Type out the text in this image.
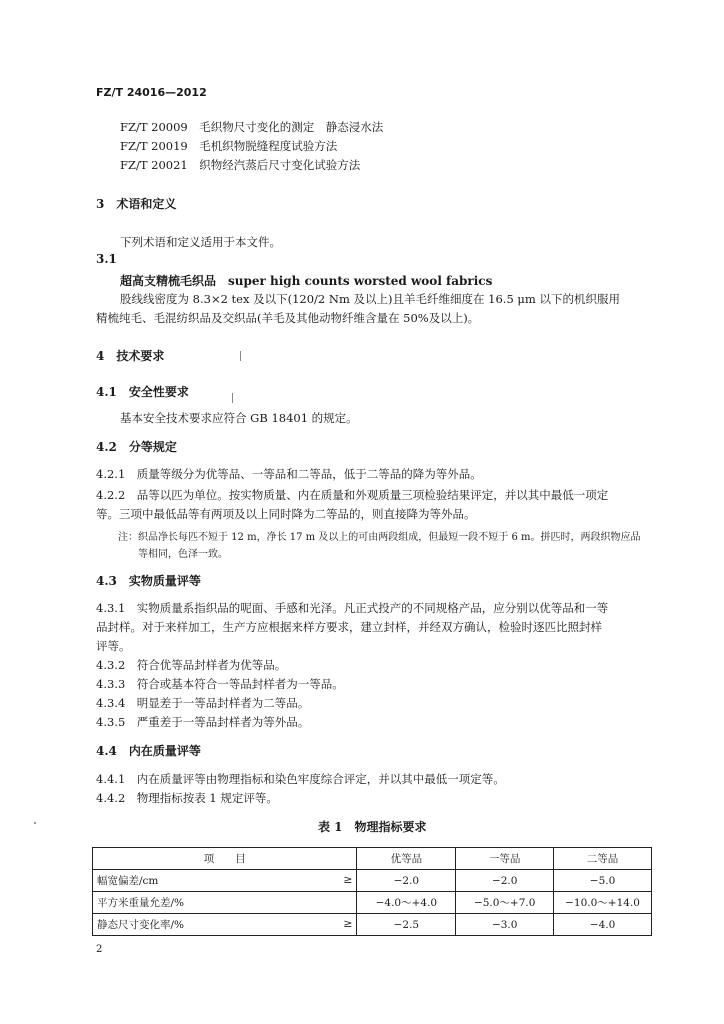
FZ/T 24016—2012
FZ/T 20009　毛织物尺寸变化的测定　静态浸水法
FZ/T 20019　毛机织物脱缝程度试验方法
FZ/T 20021　织物经汽蒸后尺寸变化试验方法
3　术语和定义
下列术语和定义适用于本文件。
3.1
超高支精梳毛织品　super high counts worsted wool fabrics
股线线密度为 8.3×2 tex 及以下(120/2 Nm 及以上)且羊毛纤维细度在 16.5 μm 以下的机织服用
精梳纯毛、毛混纺织品及交织品(羊毛及其他动物纤维含量在 50%及以上)。
4　技术要求
4.1　安全性要求
基本安全技术要求应符合 GB 18401 的规定。
4.2　分等规定
4.2.1　质量等级分为优等品、一等品和二等品，低于二等品的降为等外品。
4.2.2　品等以匹为单位。按实物质量、内在质量和外观质量三项检验结果评定，并以其中最低一项定
等。三项中最低品等有两项及以上同时降为二等品的，则直接降为等外品。
注：织品净长每匹不短于 12 m，净长 17 m 及以上的可由两段组成，但最短一段不短于 6 m。拼匹时，两段织物应品
等相同，色泽一致。
4.3　实物质量评等
4.3.1　实物质量系指织品的呢面、手感和光泽。凡正式投产的不同规格产品，应分别以优等品和一等
品封样。对于来样加工，生产方应根据来样方要求，建立封样，并经双方确认，检验时逐匹比照封样
评等。
4.3.2　符合优等品封样者为优等品。
4.3.3　符合或基本符合一等品封样者为一等品。
4.3.4　明显差于一等品封样者为二等品。
4.3.5　严重差于一等品封样者为等外品。
4.4　内在质量评等
4.4.1　内在质量评等由物理指标和染色牢度综合评定，并以其中最低一项定等。
4.4.2　物理指标按表 1 规定评等。
表 1　物理指标要求
项　　目	优等品	一等品	二等品
幅宽偏差/cm ≥	−2.0	−2.0	−5.0
平方米重量允差/%	−4.0～+4.0	−5.0～+7.0	−10.0～+14.0
静态尺寸变化率/% ≥	−2.5	−3.0	−4.0
2
